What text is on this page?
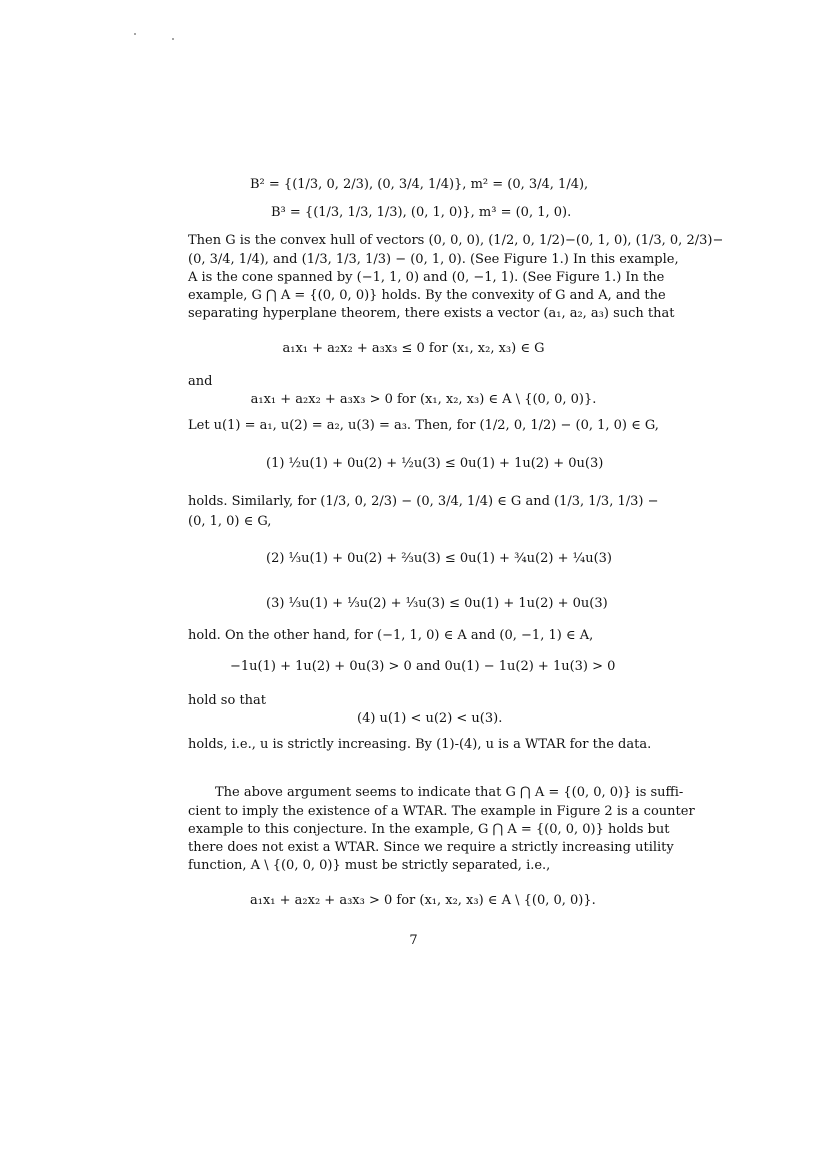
B² = {(1/3, 0, 2/3), (0, 3/4, 1/4)}, m² = (0, 3/4, 1/4),
B³ = {(1/3, 1/3, 1/3), (0, 1, 0)}, m³ = (0, 1, 0).
Then G is the convex hull of vectors (0, 0, 0), (1/2, 0, 1/2)−(0, 1, 0), (1/3, 0, 2/3)−
(0, 3/4, 1/4), and (1/3, 1/3, 1/3) − (0, 1, 0). (See Figure 1.) In this example,
A is the cone spanned by (−1, 1, 0) and (0, −1, 1). (See Figure 1.) In the
example, G ⋂ A = {(0, 0, 0)} holds. By the convexity of G and A, and the
separating hyperplane theorem, there exists a vector (a₁, a₂, a₃) such that
a₁x₁ + a₂x₂ + a₃x₃ ≤ 0 for (x₁, x₂, x₃) ∈ G
and
a₁x₁ + a₂x₂ + a₃x₃ > 0 for (x₁, x₂, x₃) ∈ A \ {(0, 0, 0)}.
Let u(1) = a₁, u(2) = a₂, u(3) = a₃. Then, for (1/2, 0, 1/2) − (0, 1, 0) ∈ G,
(1) ½u(1) + 0u(2) + ½u(3) ≤ 0u(1) + 1u(2) + 0u(3)
holds. Similarly, for (1/3, 0, 2/3) − (0, 3/4, 1/4) ∈ G and (1/3, 1/3, 1/3) −
(0, 1, 0) ∈ G,
(2) ⅓u(1) + 0u(2) + ⅔u(3) ≤ 0u(1) + ¾u(2) + ¼u(3)
(3) ⅓u(1) + ⅓u(2) + ⅓u(3) ≤ 0u(1) + 1u(2) + 0u(3)
hold. On the other hand, for (−1, 1, 0) ∈ A and (0, −1, 1) ∈ A,
−1u(1) + 1u(2) + 0u(3) > 0 and 0u(1) − 1u(2) + 1u(3) > 0
hold so that
(4) u(1) < u(2) < u(3).
holds, i.e., u is strictly increasing. By (1)-(4), u is a WTAR for the data.
The above argument seems to indicate that G ⋂ A = {(0, 0, 0)} is suffi-
cient to imply the existence of a WTAR. The example in Figure 2 is a counter
example to this conjecture. In the example, G ⋂ A = {(0, 0, 0)} holds but
there does not exist a WTAR. Since we require a strictly increasing utility
function, A \ {(0, 0, 0)} must be strictly separated, i.e.,
a₁x₁ + a₂x₂ + a₃x₃ > 0 for (x₁, x₂, x₃) ∈ A \ {(0, 0, 0)}.
7
